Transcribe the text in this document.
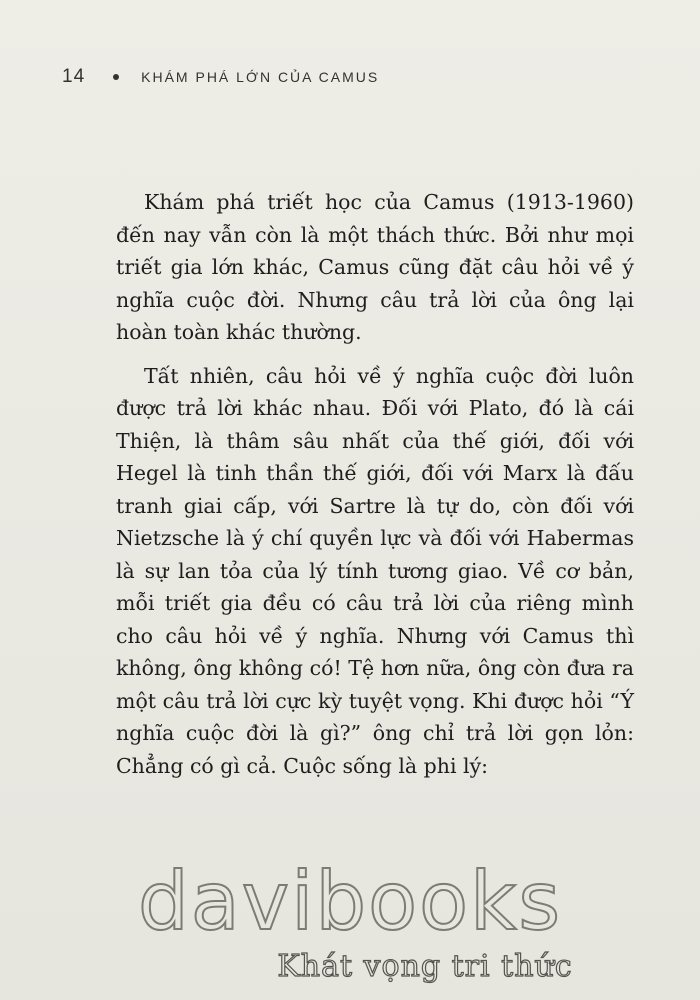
14	KHÁM PHÁ LỚN CỦA CAMUS

Khám phá triết học của Camus (1913-1960) đến nay vẫn còn là một thách thức. Bởi như mọi triết gia lớn khác, Camus cũng đặt câu hỏi về ý nghĩa cuộc đời. Nhưng câu trả lời của ông lại hoàn toàn khác thường.

Tất nhiên, câu hỏi về ý nghĩa cuộc đời luôn được trả lời khác nhau. Đối với Plato, đó là cái Thiện, là thâm sâu nhất của thế giới, đối với Hegel là tinh thần thế giới, đối với Marx là đấu tranh giai cấp, với Sartre là tự do, còn đối với Nietzsche là ý chí quyền lực và đối với Habermas là sự lan tỏa của lý tính tương giao. Về cơ bản, mỗi triết gia đều có câu trả lời của riêng mình cho câu hỏi về ý nghĩa. Nhưng với Camus thì không, ông không có! Tệ hơn nữa, ông còn đưa ra một câu trả lời cực kỳ tuyệt vọng. Khi được hỏi “Ý nghĩa cuộc đời là gì?” ông chỉ trả lời gọn lỏn: Chẳng có gì cả. Cuộc sống là phi lý:

davibooks
Khát vọng tri thức
